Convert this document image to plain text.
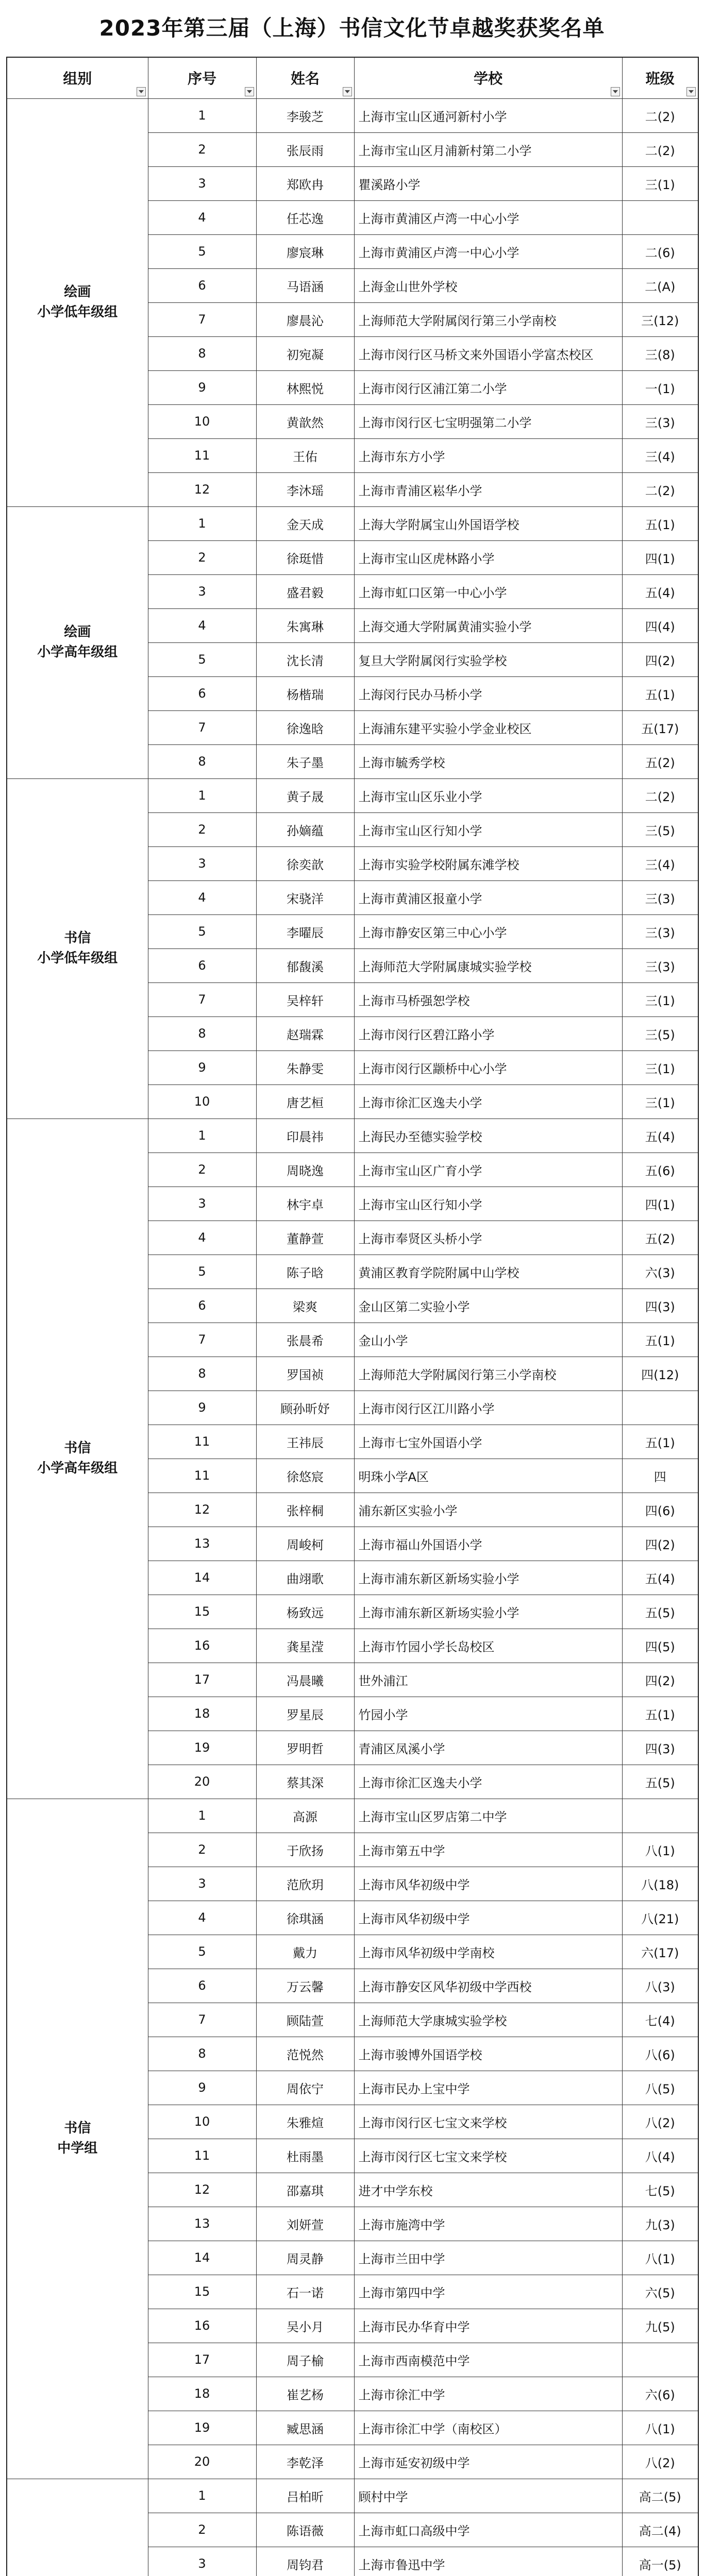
2023年第三届（上海）书信文化节卓越奖获奖名单
组别	序号	姓名	学校	班级

绘画
小学低年级组	1	李骏芝	上海市宝山区通河新村小学	二(2)
	2	张辰雨	上海市宝山区月浦新村第二小学	二(2)
	3	郑欧冉	瞿溪路小学	三(1)
	4	任芯逸	上海市黄浦区卢湾一中心小学	
	5	廖宸琳	上海市黄浦区卢湾一中心小学	二(6)
	6	马语涵	上海金山世外学校	二(A)
	7	廖晨沁	上海师范大学附属闵行第三小学南校	三(12)
	8	初宛凝	上海市闵行区马桥文来外国语小学富杰校区	三(8)
	9	林熙悦	上海市闵行区浦江第二小学	一(1)
	10	黄歆然	上海市闵行区七宝明强第二小学	三(3)
	11	王佑	上海市东方小学	三(4)
	12	李沐瑶	上海市青浦区崧华小学	二(2)

绘画
小学高年级组	1	金天成	上海大学附属宝山外国语学校	五(1)
	2	徐珽惜	上海市宝山区虎林路小学	四(1)
	3	盛君毅	上海市虹口区第一中心小学	五(4)
	4	朱寓琳	上海交通大学附属黄浦实验小学	四(4)
	5	沈长清	复旦大学附属闵行实验学校	四(2)
	6	杨楷瑞	上海闵行民办马桥小学	五(1)
	7	徐逸晗	上海浦东建平实验小学金业校区	五(17)
	8	朱子墨	上海市毓秀学校	五(2)

书信
小学低年级组	1	黄子晟	上海市宝山区乐业小学	二(2)
	2	孙嫡蕴	上海市宝山区行知小学	三(5)
	3	徐奕歆	上海市实验学校附属东滩学校	三(4)
	4	宋骁洋	上海市黄浦区报童小学	三(3)
	5	李曜辰	上海市静安区第三中心小学	三(3)
	6	郁馥溪	上海师范大学附属康城实验学校	三(3)
	7	吴梓轩	上海市马桥强恕学校	三(1)
	8	赵瑞霖	上海市闵行区碧江路小学	三(5)
	9	朱静雯	上海市闵行区颛桥中心小学	三(1)
	10	唐艺桓	上海市徐汇区逸夫小学	三(1)

书信
小学高年级组	1	印晨祎	上海民办至德实验学校	五(4)
	2	周晓逸	上海市宝山区广育小学	五(6)
	3	林宇卓	上海市宝山区行知小学	四(1)
	4	董静萱	上海市奉贤区头桥小学	五(2)
	5	陈子晗	黄浦区教育学院附属中山学校	六(3)
	6	梁爽	金山区第二实验小学	四(3)
	7	张晨希	金山小学	五(1)
	8	罗国祯	上海师范大学附属闵行第三小学南校	四(12)
	9	顾孙昕妤	上海市闵行区江川路小学	
	11	王祎辰	上海市七宝外国语小学	五(1)
	11	徐悠宸	明珠小学A区	四
	12	张梓桐	浦东新区实验小学	四(6)
	13	周峻柯	上海市福山外国语小学	四(2)
	14	曲翊歌	上海市浦东新区新场实验小学	五(4)
	15	杨致远	上海市浦东新区新场实验小学	五(5)
	16	龚星滢	上海市竹园小学长岛校区	四(5)
	17	冯晨曦	世外浦江	四(2)
	18	罗星辰	竹园小学	五(1)
	19	罗明哲	青浦区凤溪小学	四(3)
	20	蔡其深	上海市徐汇区逸夫小学	五(5)

书信
中学组	1	高源	上海市宝山区罗店第二中学	
	2	于欣扬	上海市第五中学	八(1)
	3	范欣玥	上海市风华初级中学	八(18)
	4	徐琪涵	上海市风华初级中学	八(21)
	5	戴力	上海市风华初级中学南校	六(17)
	6	万云馨	上海市静安区风华初级中学西校	八(3)
	7	顾陆萱	上海师范大学康城实验学校	七(4)
	8	范悦然	上海市骏博外国语学校	八(6)
	9	周依宁	上海市民办上宝中学	八(5)
	10	朱雅煊	上海市闵行区七宝文来学校	八(2)
	11	杜雨墨	上海市闵行区七宝文来学校	八(4)
	12	邵嘉琪	进才中学东校	七(5)
	13	刘妍萱	上海市施湾中学	九(3)
	14	周灵静	上海市兰田中学	八(1)
	15	石一诺	上海市第四中学	六(5)
	16	吴小月	上海市民办华育中学	九(5)
	17	周子榆	上海市西南模范中学	
	18	崔艺杨	上海市徐汇中学	六(6)
	19	臧思涵	上海市徐汇中学（南校区）	八(1)
	20	李乾泽	上海市延安初级中学	八(2)

	1	吕柏昕	顾村中学	高二(5)
	2	陈语薇	上海市虹口高级中学	高二(4)
	3	周钧君	上海市鲁迅中学	高一(5)
